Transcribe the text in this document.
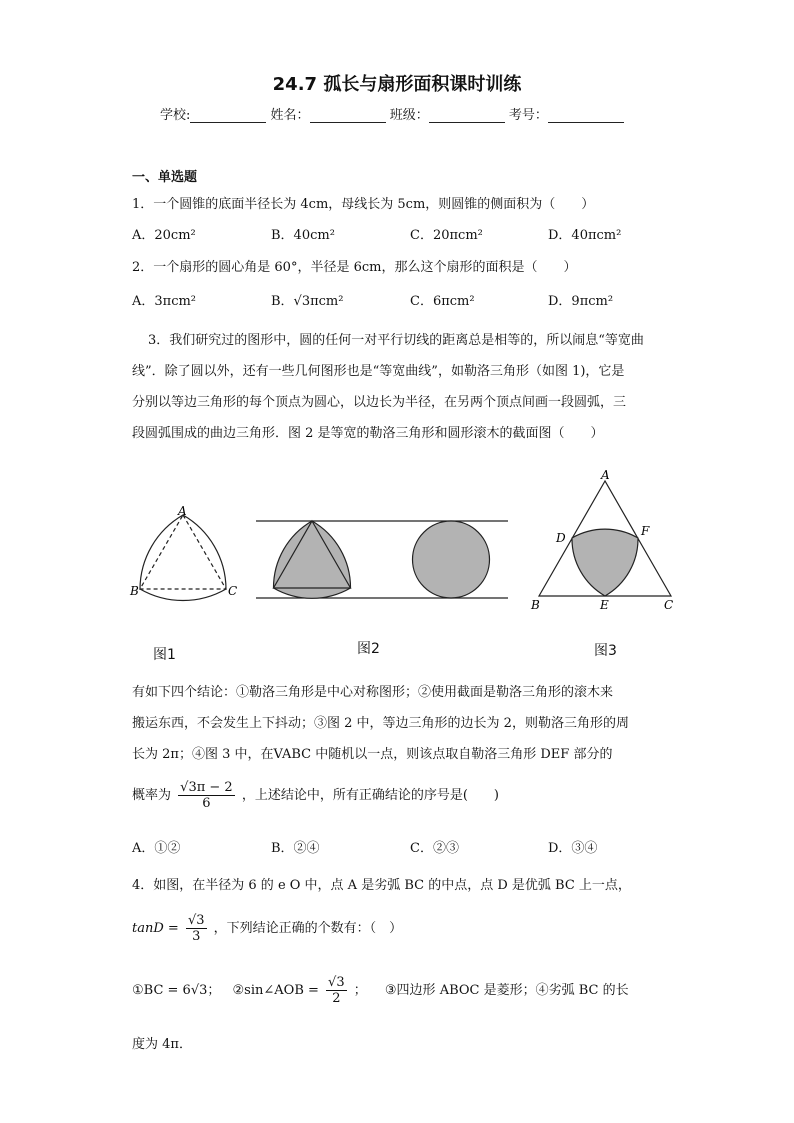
24.7 孤长与扇形面积课时训练
学校:	姓名：	班级：	考号：
一、单选题
1．一个圆锥的底面半径长为 4cm，母线长为 5cm，则圆锥的侧面积为（　　）
A．20cm²	B．40cm²	C．20πcm²	D．40πcm²
2．一个扇形的圆心角是 60°，半径是 6cm，那么这个扇形的面积是（　　）
A．3πcm²	B．√3πcm²	C．6πcm²	D．9πcm²
3．我们研究过的图形中，圆的任何一对平行切线的距离总是相等的，所以闹息“等宽曲
线”．除了圆以外，还有一些几何图形也是“等宽曲线”，如勒洛三角形（如图 1)，它是
分别以等边三角形的每个顶点为圆心，以边长为半径，在另两个顶点间画一段圆弧，三
段圆弧围成的曲边三角形．图 2 是等宽的勒洛三角形和圆形滚木的截面图（　　）
A
B	C
图1	图2
A
D	F
B	E	C
图3
有如下四个结论：①勒洛三角形是中心对称图形；②使用截面是勒洛三角形的滚木来
搬运东西，不会发生上下抖动；③图 2 中，等边三角形的边长为 2，则勒洛三角形的周
长为 2π；④图 3 中，在VABC 中随机以一点，则该点取自勒洛三角形 DEF 部分的
概率为 $\frac{√3\pi - 2}{6}$ ，上述结论中，所有正确结论的序号是(　　)
A．①②	B．②④	C．②③	D．③④
4．如图，在半径为 6 的 e O 中，点 A 是劣弧 BC 的中点，点 D 是优弧 BC 上一点，
$\tan D = \frac{√3}{3}$ ，下列结论正确的个数有：（　）
①BC = 6√3； ②sin∠AOB = $\frac{√3}{2}$ ； ③四边形 ABOC 是菱形；④劣弧 BC 的长
度为 4π．
